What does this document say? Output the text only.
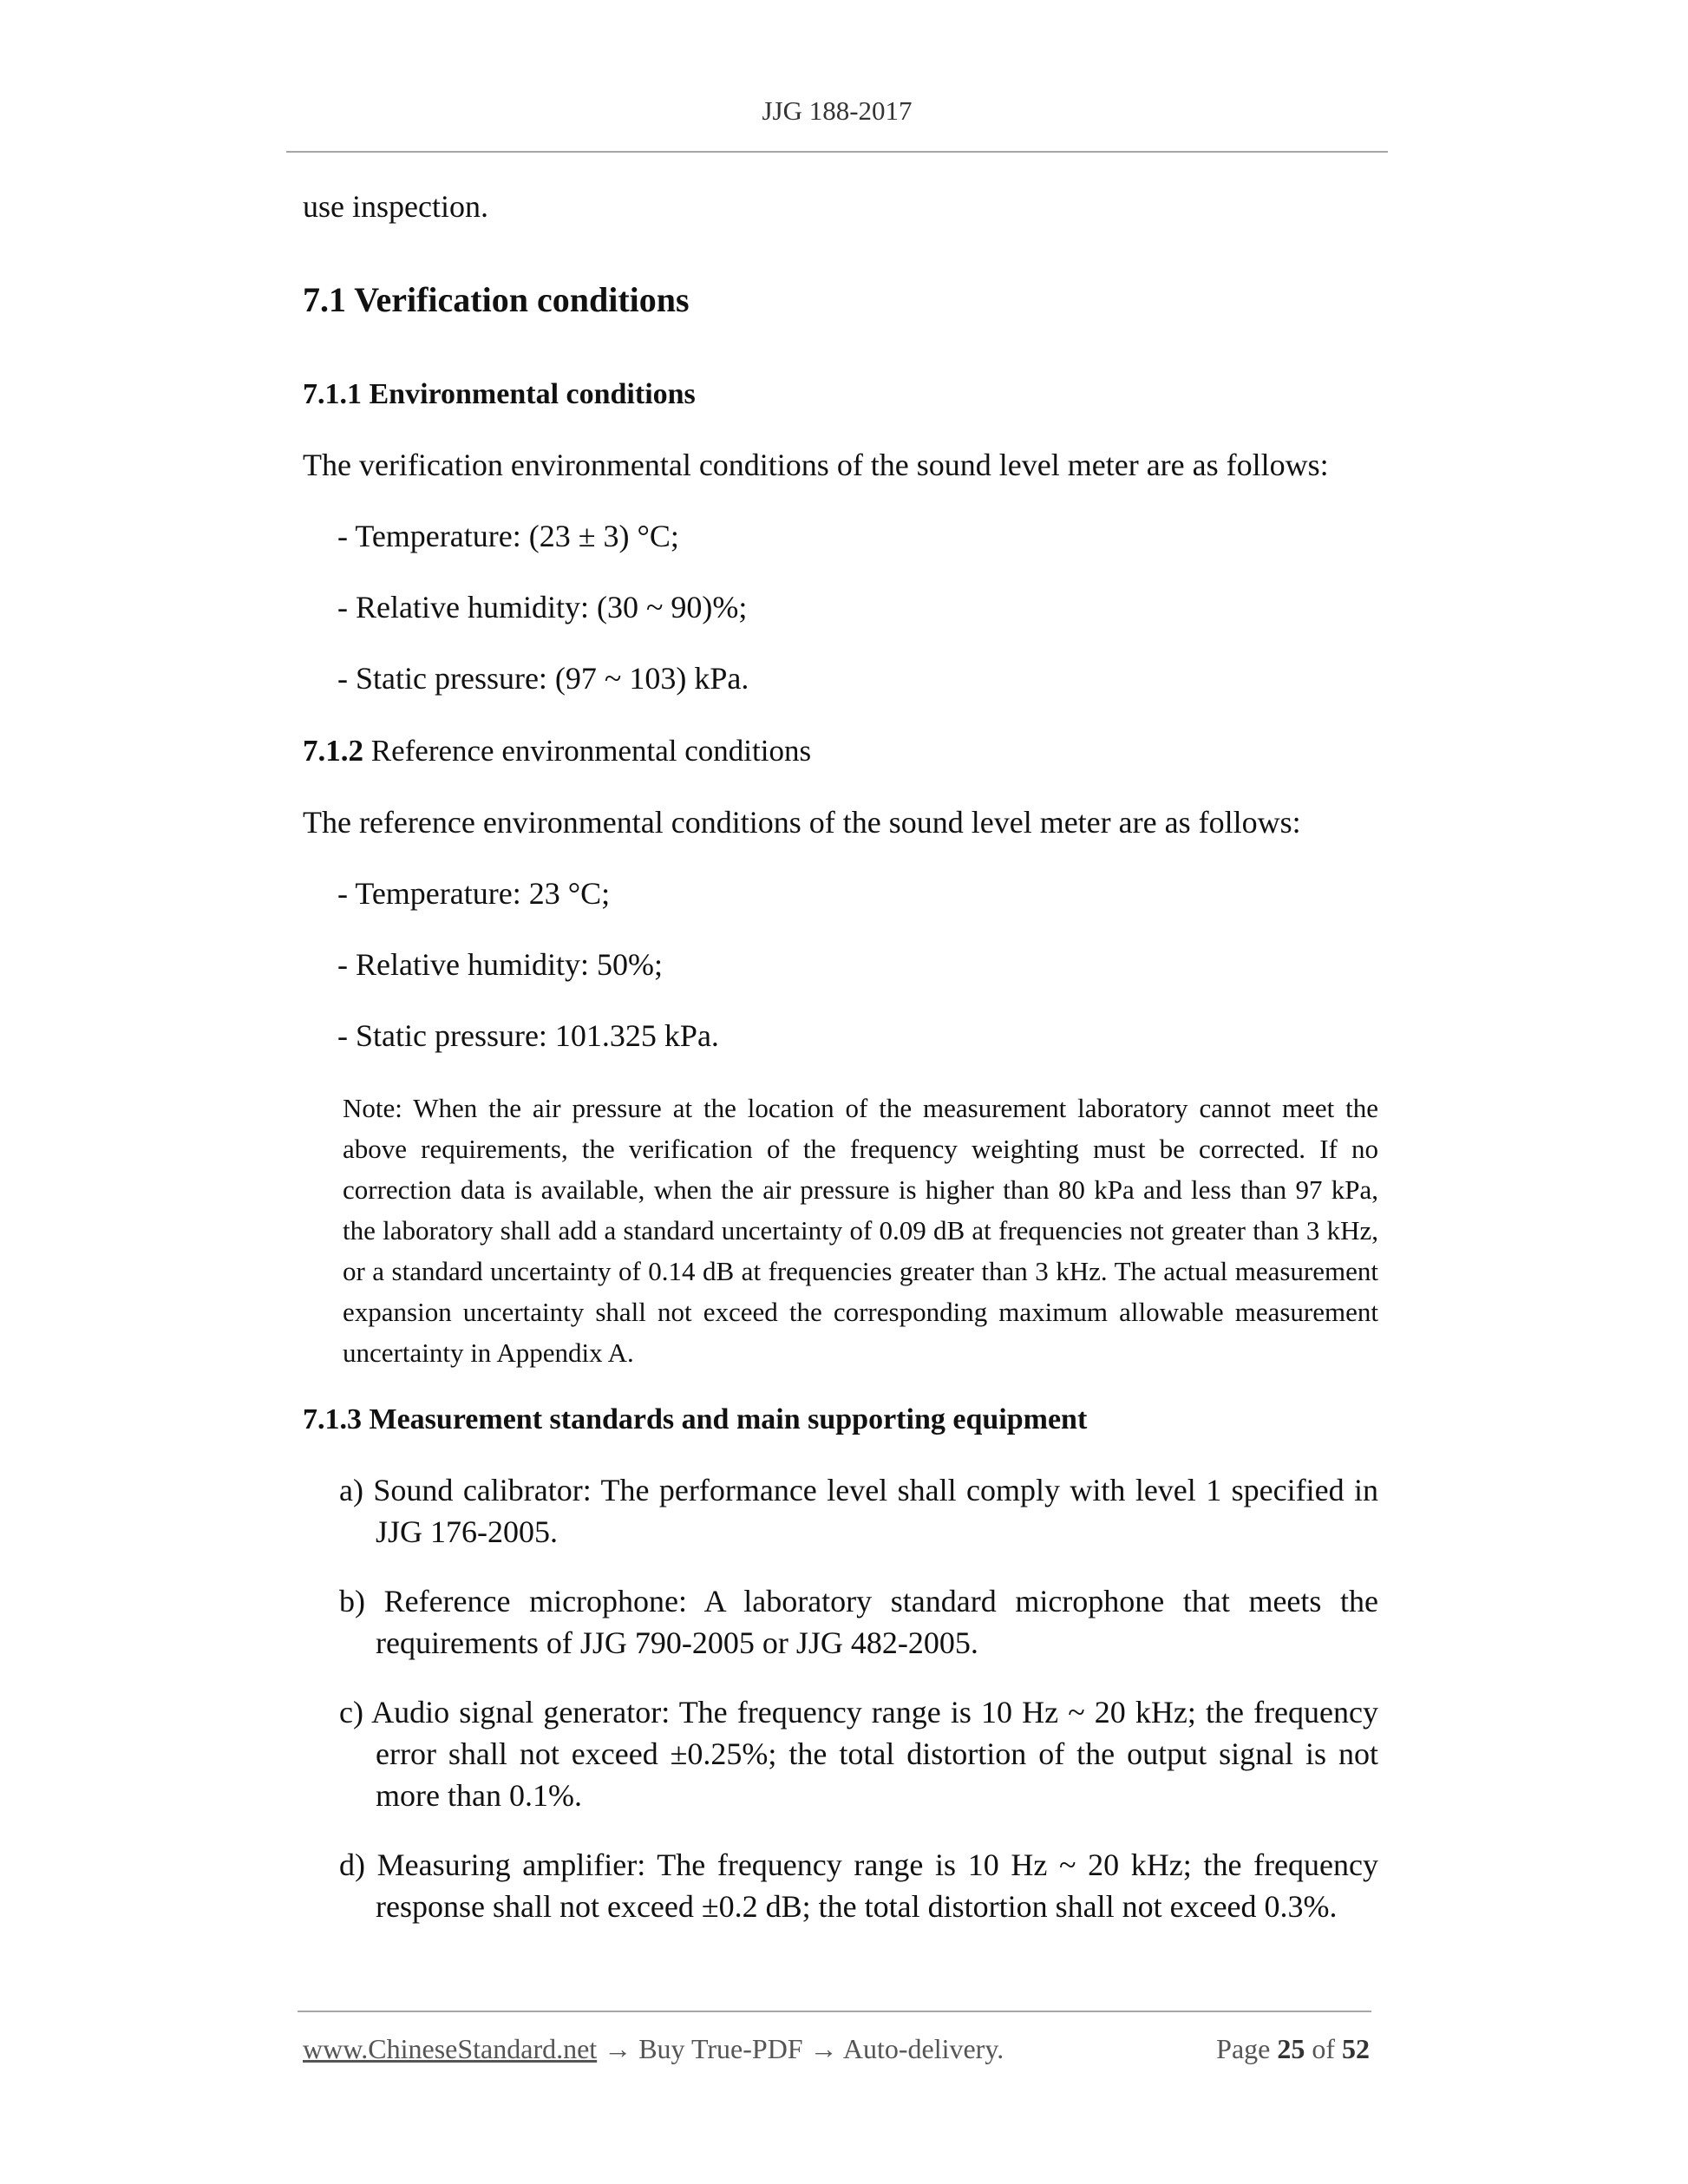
JJG 188-2017
use inspection.
7.1 Verification conditions
7.1.1 Environmental conditions
The verification environmental conditions of the sound level meter are as follows:
- Temperature: (23 ± 3) °C;
- Relative humidity: (30 ~ 90)%;
- Static pressure: (97 ~ 103) kPa.
7.1.2 Reference environmental conditions
The reference environmental conditions of the sound level meter are as follows:
- Temperature: 23 °C;
- Relative humidity: 50%;
- Static pressure: 101.325 kPa.
Note: When the air pressure at the location of the measurement laboratory cannot meet the above requirements, the verification of the frequency weighting must be corrected. If no correction data is available, when the air pressure is higher than 80 kPa and less than 97 kPa, the laboratory shall add a standard uncertainty of 0.09 dB at frequencies not greater than 3 kHz, or a standard uncertainty of 0.14 dB at frequencies greater than 3 kHz. The actual measurement expansion uncertainty shall not exceed the corresponding maximum allowable measurement uncertainty in Appendix A.
7.1.3 Measurement standards and main supporting equipment
a) Sound calibrator: The performance level shall comply with level 1 specified in JJG 176-2005.
b) Reference microphone: A laboratory standard microphone that meets the requirements of JJG 790-2005 or JJG 482-2005.
c) Audio signal generator: The frequency range is 10 Hz ~ 20 kHz; the frequency error shall not exceed ±0.25%; the total distortion of the output signal is not more than 0.1%.
d) Measuring amplifier: The frequency range is 10 Hz ~ 20 kHz; the frequency response shall not exceed ±0.2 dB; the total distortion shall not exceed 0.3%.
www.ChineseStandard.net → Buy True-PDF → Auto-delivery.	Page 25 of 52
